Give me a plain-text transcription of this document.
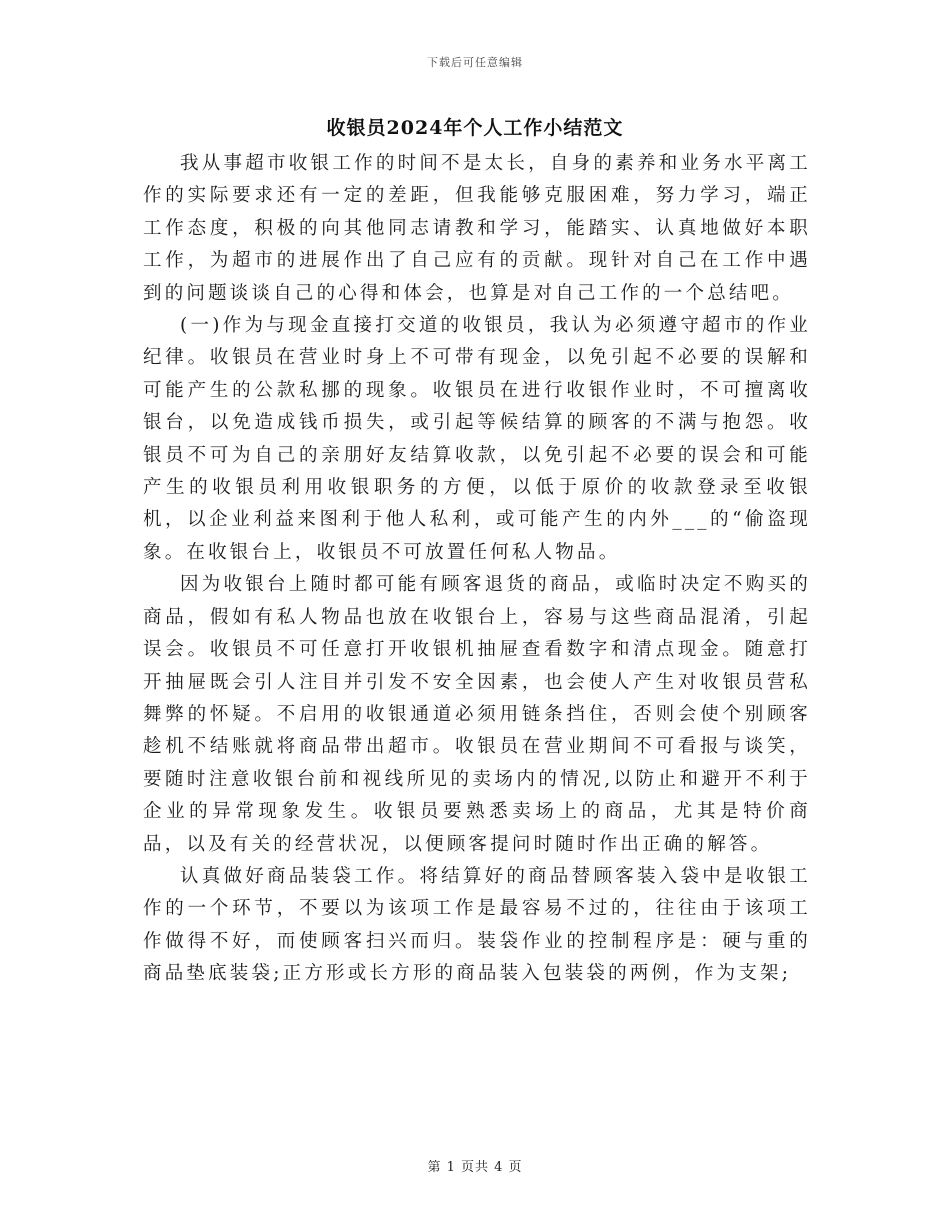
下载后可任意编辑
收银员2024年个人工作小结范文

我从事超市收银工作的时间不是太长，自身的素养和业务水平离工作的实际要求还有一定的差距，但我能够克服困难，努力学习，端正工作态度，积极的向其他同志请教和学习，能踏实、认真地做好本职工作，为超市的进展作出了自己应有的贡献。现针对自己在工作中遇到的问题谈谈自己的心得和体会，也算是对自己工作的一个总结吧。

(一)作为与现金直接打交道的收银员，我认为必须遵守超市的作业纪律。收银员在营业时身上不可带有现金，以免引起不必要的误解和可能产生的公款私挪的现象。收银员在进行收银作业时，不可擅离收银台，以免造成钱币损失，或引起等候结算的顾客的不满与抱怨。收银员不可为自己的亲朋好友结算收款，以免引起不必要的误会和可能产生的收银员利用收银职务的方便，以低于原价的收款登录至收银机，以企业利益来图利于他人私利，或可能产生的内外___的“偷盗现象。在收银台上，收银员不可放置任何私人物品。

因为收银台上随时都可能有顾客退货的商品，或临时决定不购买的商品，假如有私人物品也放在收银台上，容易与这些商品混淆，引起误会。收银员不可任意打开收银机抽屉查看数字和清点现金。随意打开抽屉既会引人注目并引发不安全因素，也会使人产生对收银员营私舞弊的怀疑。不启用的收银通道必须用链条挡住，否则会使个别顾客趁机不结账就将商品带出超市。收银员在营业期间不可看报与谈笑，要随时注意收银台前和视线所见的卖场内的情况,以防止和避开不利于企业的异常现象发生。收银员要熟悉卖场上的商品，尤其是特价商品，以及有关的经营状况，以便顾客提问时随时作出正确的解答。

认真做好商品装袋工作。将结算好的商品替顾客装入袋中是收银工作的一个环节，不要以为该项工作是最容易不过的，往往由于该项工作做得不好，而使顾客扫兴而归。装袋作业的控制程序是：硬与重的商品垫底装袋;正方形或长方形的商品装入包装袋的两例，作为支架;

第 1 页共 4 页
